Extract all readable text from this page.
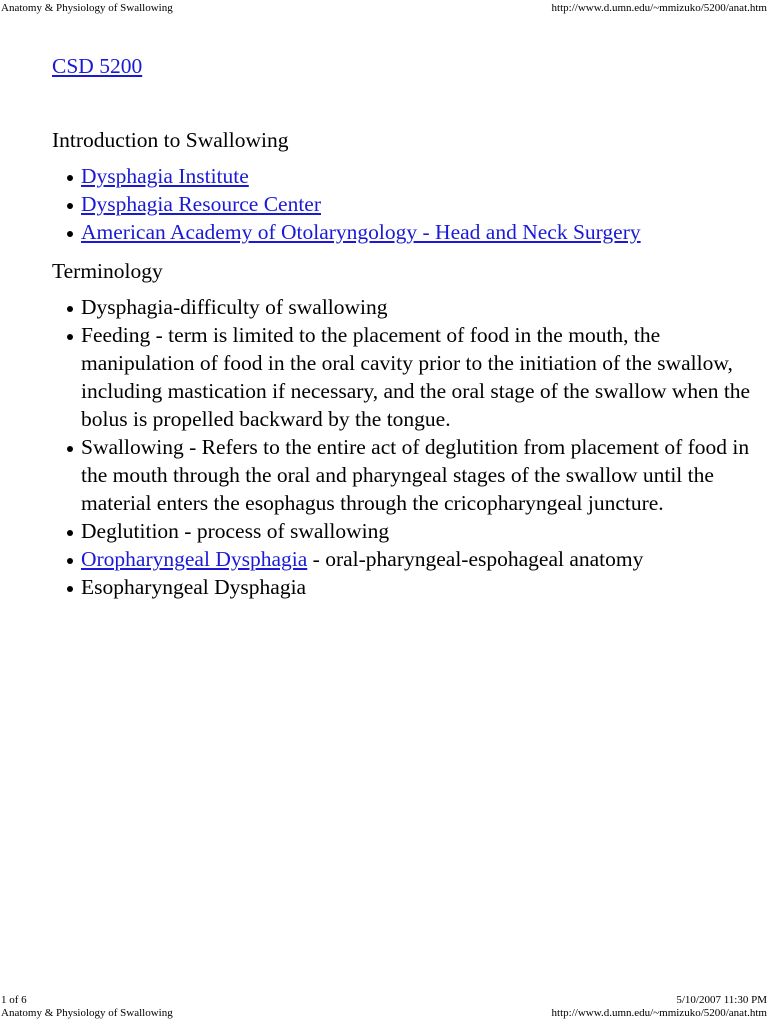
Anatomy & Physiology of Swallowing	http://www.d.umn.edu/~mmizuko/5200/anat.htm
CSD 5200
Introduction to Swallowing
Dysphagia Institute
Dysphagia Resource Center
American Academy of Otolaryngology - Head and Neck Surgery
Terminology
Dysphagia-difficulty of swallowing
Feeding - term is limited to the placement of food in the mouth, the manipulation of food in the oral cavity prior to the initiation of the swallow, including mastication if necessary, and the oral stage of the swallow when the bolus is propelled backward by the tongue.
Swallowing - Refers to the entire act of deglutition from placement of food in the mouth through the oral and pharyngeal stages of the swallow until the material enters the esophagus through the cricopharyngeal juncture.
Deglutition - process of swallowing
Oropharyngeal Dysphagia - oral-pharyngeal-espohageal anatomy
Esopharyngeal Dysphagia
1 of 6
Anatomy & Physiology of Swallowing
5/10/2007 11:30 PM
http://www.d.umn.edu/~mmizuko/5200/anat.htm
